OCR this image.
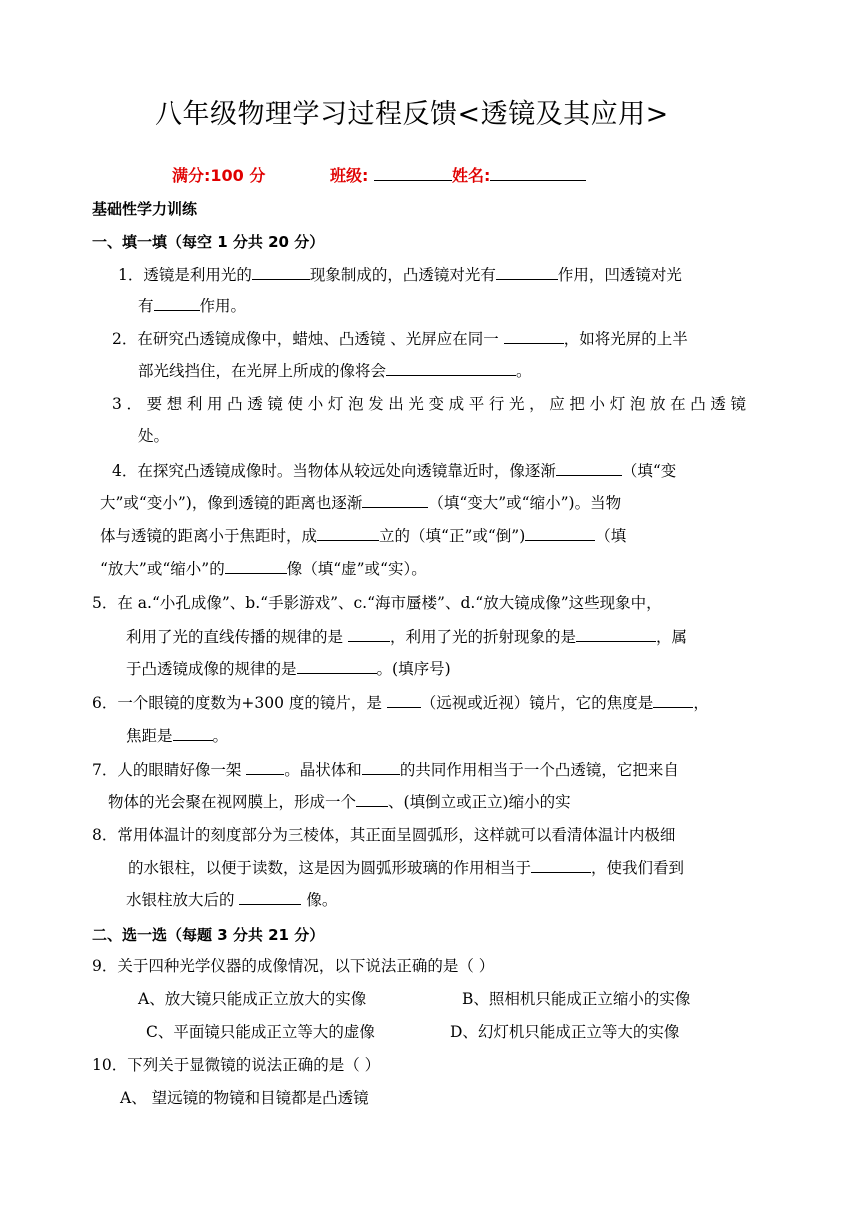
八年级物理学习过程反馈<透镜及其应用>
满分:100 分	班级:	姓名:
基础性学力训练
一、填一填（每空 1 分共 20 分）
1．透镜是利用光的	现象制成的，凸透镜对光有	作用，凹透镜对光
有	作用。
2．在研究凸透镜成像中，蜡烛、凸透镜 、光屏应在同一	，如将光屏的上半
部光线挡住，在光屏上所成的像将会	。
3．要想利用凸透镜使小灯泡发出光变成平行光，应把小灯泡放在凸透镜
处。
4．在探究凸透镜成像时。当物体从较远处向透镜靠近时，像逐渐	（填“变
大”或“变小”)，像到透镜的距离也逐渐	（填“变大”或“缩小”)。当物
体与透镜的距离小于焦距时，成	立的（填“正”或“倒”)	（填
“放大”或“缩小”的	像（填“虚”或“实）。
5．在 a.“小孔成像”、b.“手影游戏”、c.“海市蜃楼”、d.“放大镜成像”这些现象中，
利用了光的直线传播的规律的是	，利用了光的折射现象的是	，属
于凸透镜成像的规律的是	。(填序号)
6．一个眼镜的度数为+300 度的镜片，是 （远视或近视）镜片，它的焦度是	，
焦距是	。
7．人的眼睛好像一架 。晶状体和 的共同作用相当于一个凸透镜，它把来自
物体的光会聚在视网膜上，形成一个 、(填倒立或正立)缩小的实
8．常用体温计的刻度部分为三棱体，其正面呈圆弧形，这样就可以看清体温计内极细
的水银柱，以便于读数，这是因为圆弧形玻璃的作用相当于	，使我们看到
水银柱放大后的	像。
二、选一选（每题 3 分共 21 分）
9．关于四种光学仪器的成像情况，以下说法正确的是（ ）
A、放大镜只能成正立放大的实像	B、照相机只能成正立缩小的实像
C、平面镜只能成正立等大的虚像	D、幻灯机只能成正立等大的实像
10．下列关于显微镜的说法正确的是（ ）
A、 望远镜的物镜和目镜都是凸透镜
